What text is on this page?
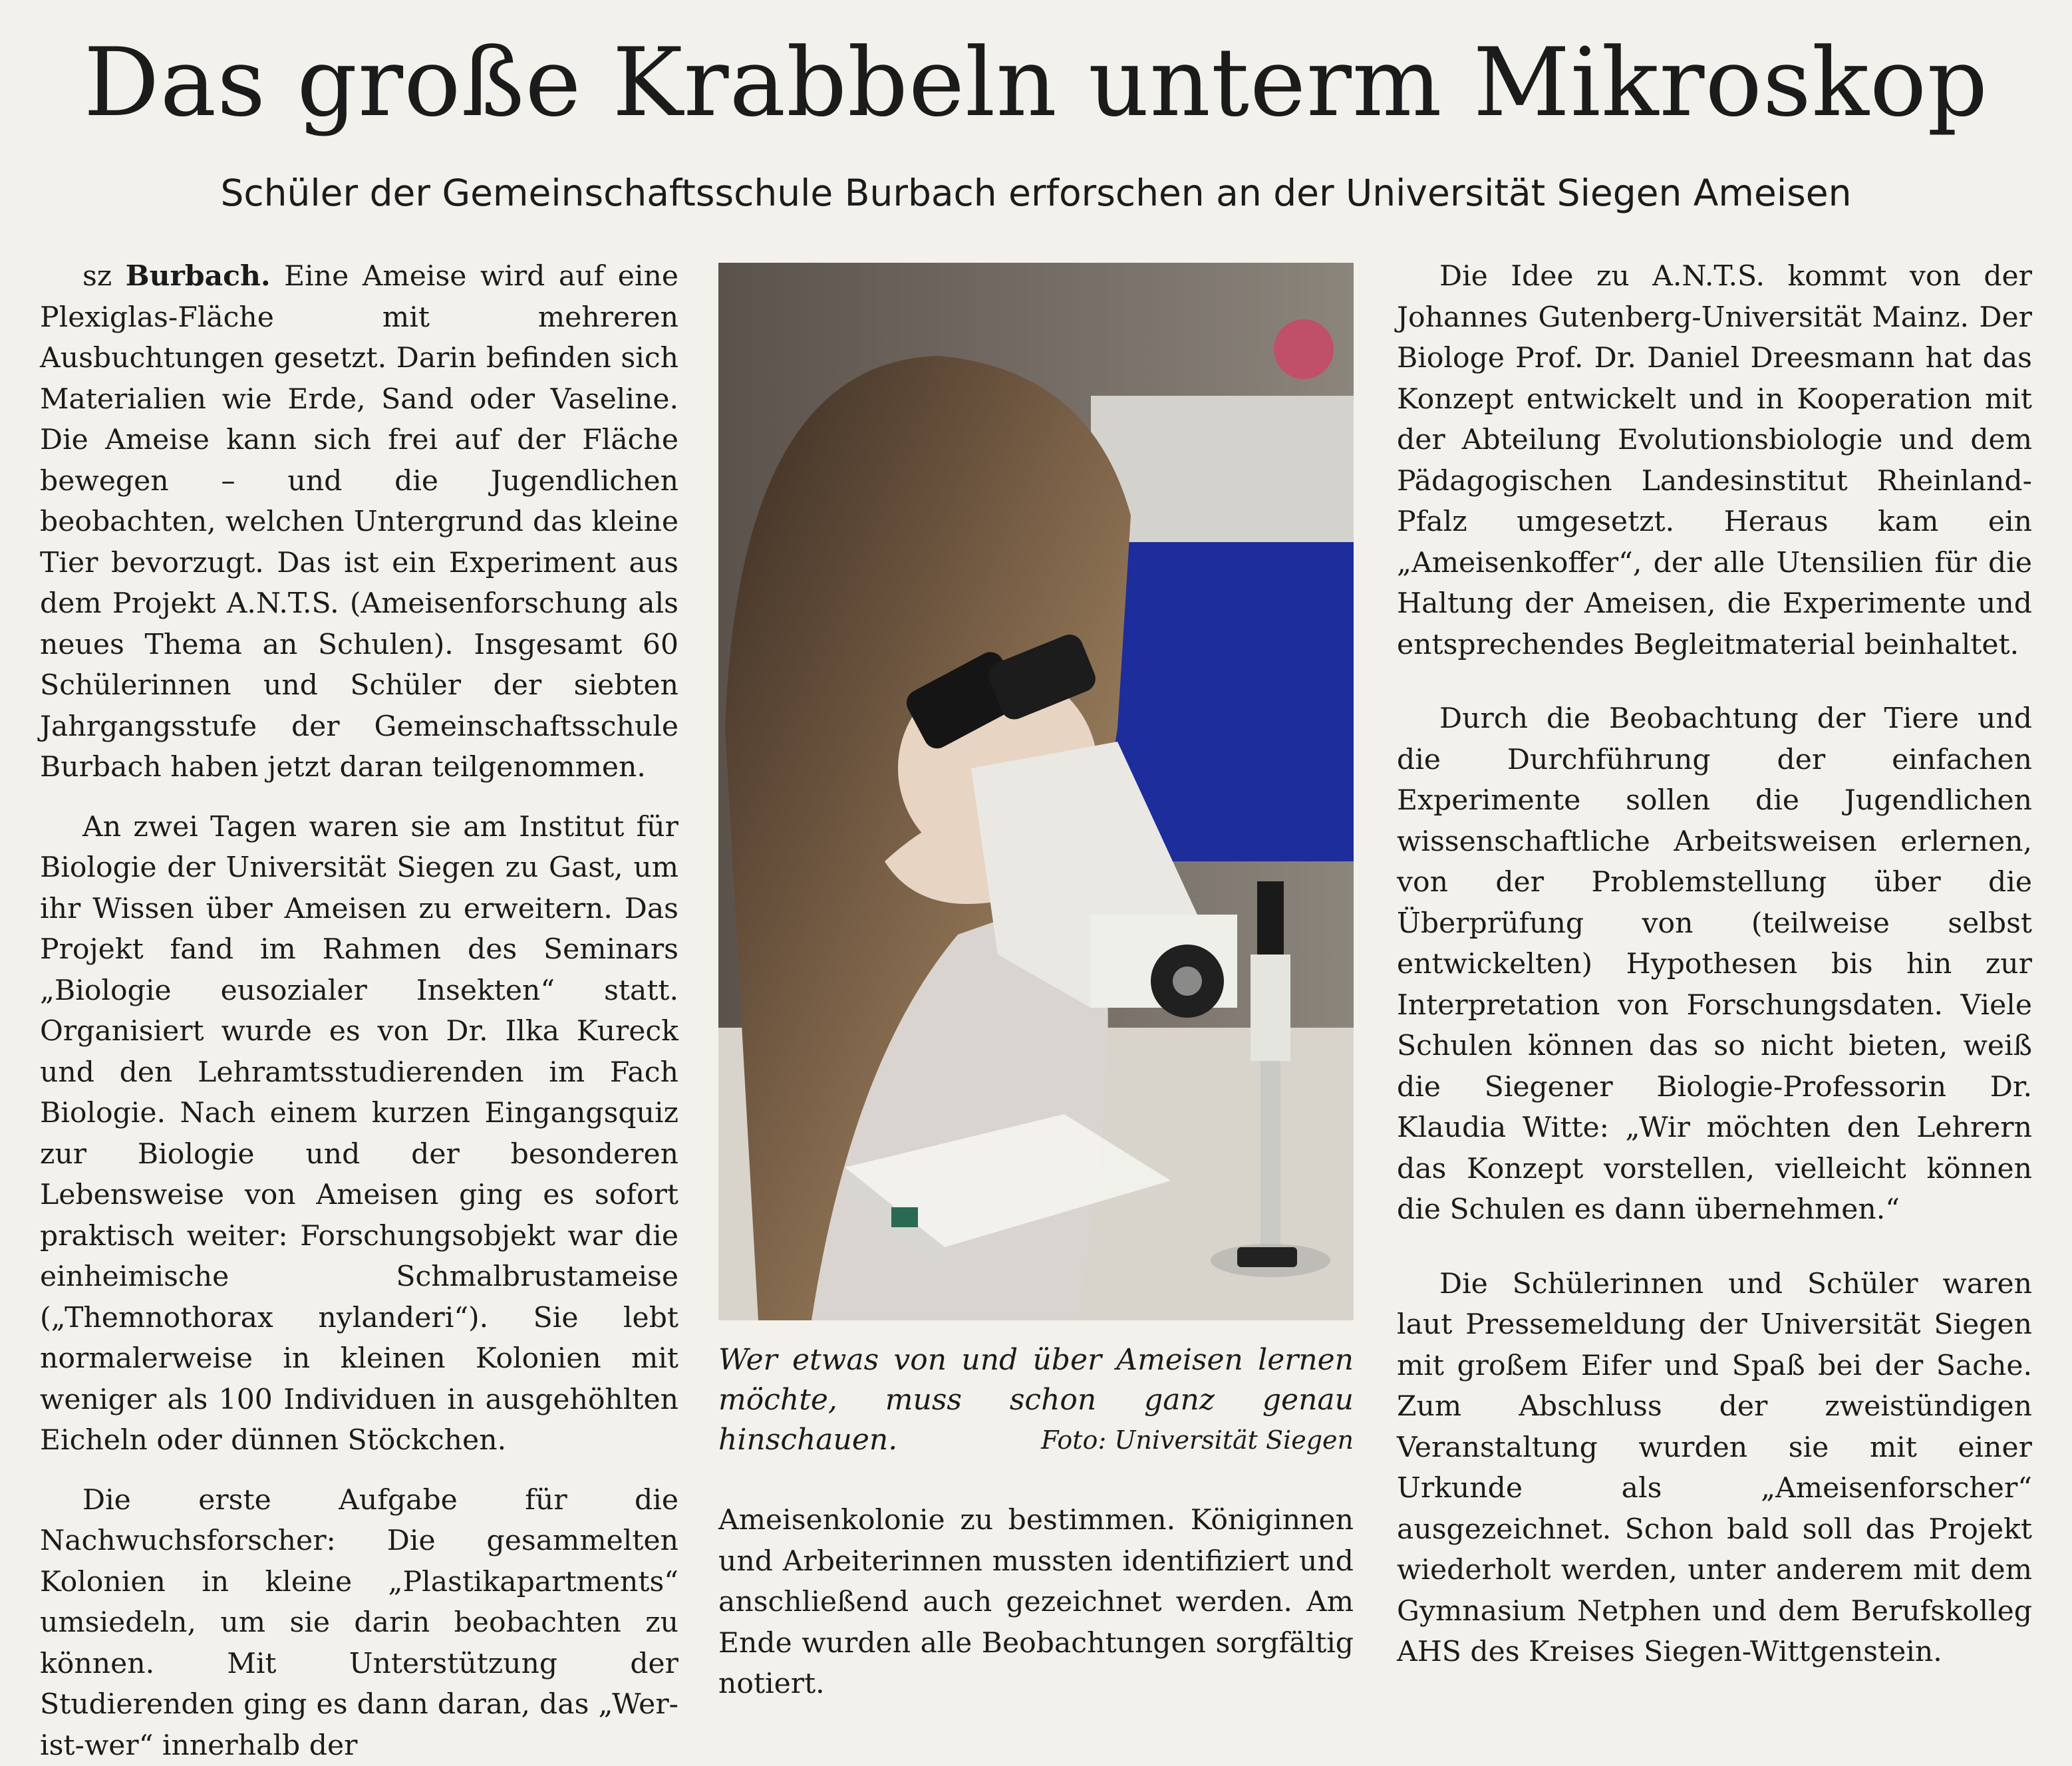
Das große Krabbeln unterm Mikroskop
Schüler der Gemeinschaftsschule Burbach erforschen an der Universität Siegen Ameisen

sz Burbach. Eine Ameise wird auf eine Plexiglas-Fläche mit mehreren Ausbuchtungen gesetzt. Darin befinden sich Materialien wie Erde, Sand oder Vaseline. Die Ameise kann sich frei auf der Fläche bewegen – und die Jugendlichen beobachten, welchen Untergrund das kleine Tier bevorzugt. Das ist ein Experiment aus dem Projekt A.N.T.S. (Ameisenforschung als neues Thema an Schulen). Insgesamt 60 Schülerinnen und Schüler der siebten Jahrgangsstufe der Gemeinschaftsschule Burbach haben jetzt daran teilgenommen.

An zwei Tagen waren sie am Institut für Biologie der Universität Siegen zu Gast, um ihr Wissen über Ameisen zu erweitern. Das Projekt fand im Rahmen des Seminars „Biologie eusozialer Insekten“ statt. Organisiert wurde es von Dr. Ilka Kureck und den Lehramtsstudierenden im Fach Biologie. Nach einem kurzen Eingangsquiz zur Biologie und der besonderen Lebensweise von Ameisen ging es sofort praktisch weiter: Forschungsobjekt war die einheimische Schmalbrustameise („Themnothorax nylanderi“). Sie lebt normalerweise in kleinen Kolonien mit weniger als 100 Individuen in ausgehöhlten Eicheln oder dünnen Stöckchen.

Die erste Aufgabe für die Nachwuchsforscher: Die gesammelten Kolonien in kleine „Plastikapartments“ umsiedeln, um sie darin beobachten zu können. Mit Unterstützung der Studierenden ging es dann daran, das „Wer-ist-wer“ innerhalb der

Wer etwas von und über Ameisen lernen möchte, muss schon ganz genau hinschauen.	Foto: Universität Siegen

Ameisenkolonie zu bestimmen. Königinnen und Arbeiterinnen mussten identifiziert und anschließend auch gezeichnet werden. Am Ende wurden alle Beobachtungen sorgfältig notiert.

Die Idee zu A.N.T.S. kommt von der Johannes Gutenberg-Universität Mainz. Der Biologe Prof. Dr. Daniel Dreesmann hat das Konzept entwickelt und in Kooperation mit der Abteilung Evolutionsbiologie und dem Pädagogischen Landesinstitut Rheinland-Pfalz umgesetzt. Heraus kam ein „Ameisenkoffer“, der alle Utensilien für die Haltung der Ameisen, die Experimente und entsprechendes Begleitmaterial beinhaltet.

Durch die Beobachtung der Tiere und die Durchführung der einfachen Experimente sollen die Jugendlichen wissenschaftliche Arbeitsweisen erlernen, von der Problemstellung über die Überprüfung von (teilweise selbst entwickelten) Hypothesen bis hin zur Interpretation von Forschungsdaten. Viele Schulen können das so nicht bieten, weiß die Siegener Biologie-Professorin Dr. Klaudia Witte: „Wir möchten den Lehrern das Konzept vorstellen, vielleicht können die Schulen es dann übernehmen.“

Die Schülerinnen und Schüler waren laut Pressemeldung der Universität Siegen mit großem Eifer und Spaß bei der Sache. Zum Abschluss der zweistündigen Veranstaltung wurden sie mit einer Urkunde als „Ameisenforscher“ ausgezeichnet. Schon bald soll das Projekt wiederholt werden, unter anderem mit dem Gymnasium Netphen und dem Berufskolleg AHS des Kreises Siegen-Wittgenstein.
